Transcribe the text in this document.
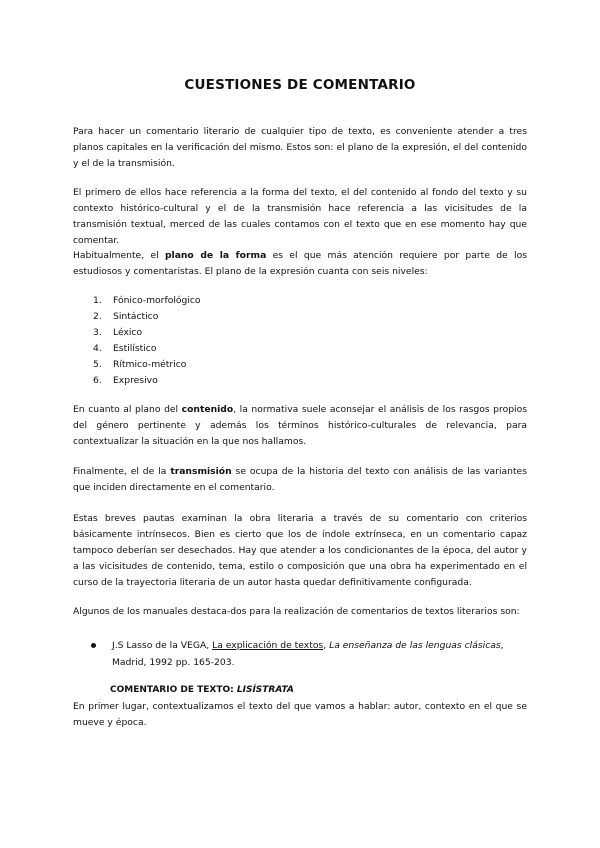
CUESTIONES DE COMENTARIO

Para hacer un comentario literario de cualquier tipo de texto, es conveniente atender a tres planos capitales en la verificación del mismo. Estos son: el plano de la expresión, el del contenido y el de la transmisión.

El primero de ellos hace referencia a la forma del texto, el del contenido al fondo del texto y su contexto histórico-cultural y el de la transmisión hace referencia a las vicisitudes de la transmisión textual, merced de las cuales contamos con el texto que en ese momento hay que comentar.

Habitualmente, el plano de la forma es el que más atención requiere por parte de los estudiosos y comentaristas. El plano de la expresión cuanta con seis niveles:

1. Fónico-morfológico
2. Sintáctico
3. Léxico
4. Estilístico
5. Rítmico-métrico
6. Expresivo

En cuanto al plano del contenido, la normativa suele aconsejar el análisis de los rasgos propios del género pertinente y además los términos histórico-culturales de relevancia, para contextualizar la situación en la que nos hallamos.

Finalmente, el de la transmisión se ocupa de la historia del texto con análisis de las variantes que inciden directamente en el comentario.

Estas breves pautas examinan la obra literaria a través de su comentario con criterios básicamente intrínsecos. Bien es cierto que los de índole extrínseca, en un comentario capaz tampoco deberían ser desechados. Hay que atender a los condicionantes de la época, del autor y a las vicisitudes de contenido, tema, estilo o composición que una obra ha experimentado en el curso de la trayectoria literaria de un autor hasta quedar definitivamente configurada.

Algunos de los manuales destaca-dos para la realización de comentarios de textos literarios son:

J.S Lasso de la VEGA, La explicación de textos, La enseñanza de las lenguas clásicas, Madrid, 1992 pp. 165-203.
COMENTARIO DE TEXTO: LISÍSTRATA

En primer lugar, contextualizamos el texto del que vamos a hablar: autor, contexto en el que se mueve y época.
